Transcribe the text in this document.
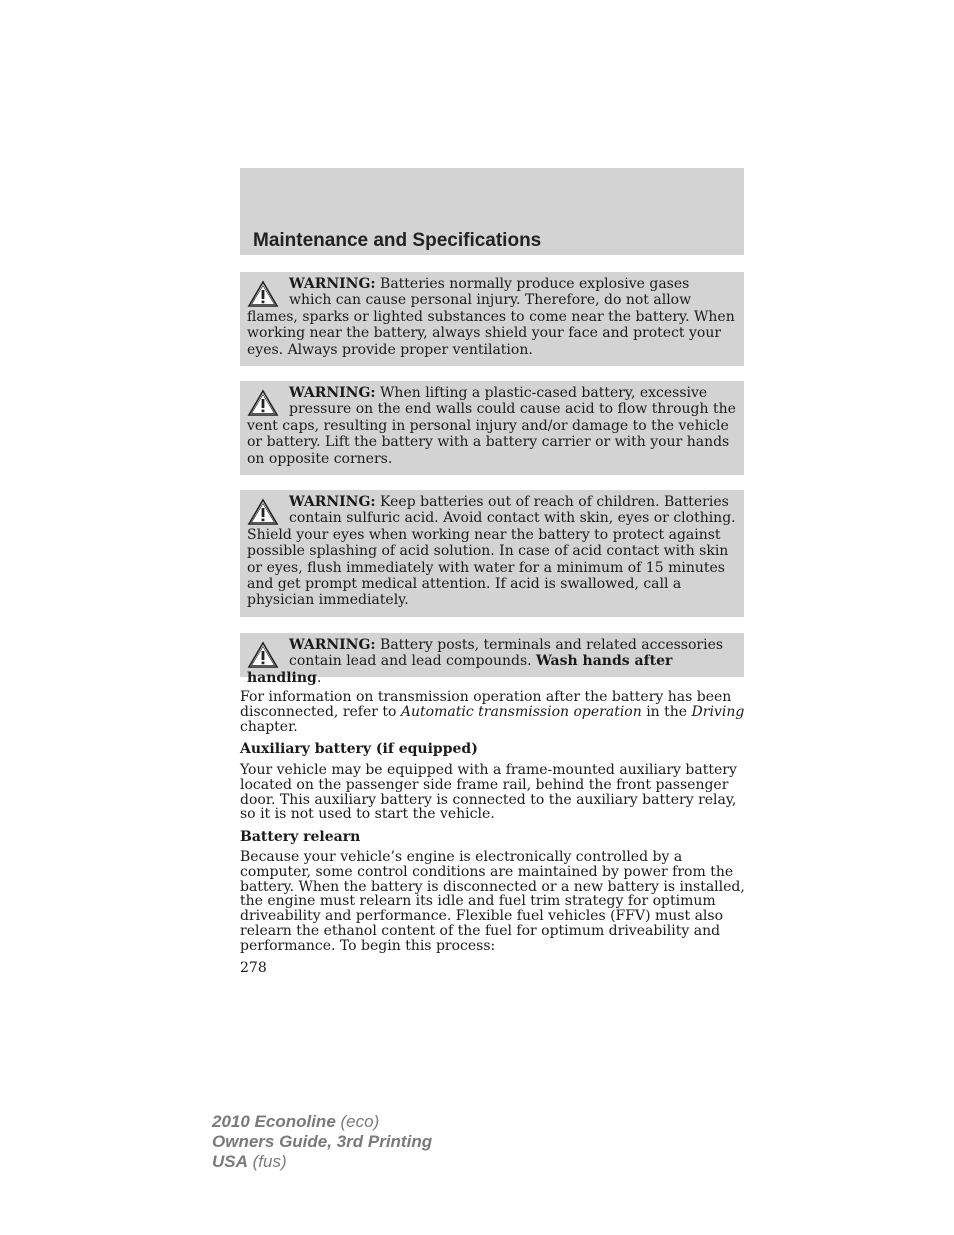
Maintenance and Specifications

WARNING: Batteries normally produce explosive gases which can cause personal injury. Therefore, do not allow flames, sparks or lighted substances to come near the battery. When working near the battery, always shield your face and protect your eyes. Always provide proper ventilation.

WARNING: When lifting a plastic-cased battery, excessive pressure on the end walls could cause acid to flow through the vent caps, resulting in personal injury and/or damage to the vehicle or battery. Lift the battery with a battery carrier or with your hands on opposite corners.

WARNING: Keep batteries out of reach of children. Batteries contain sulfuric acid. Avoid contact with skin, eyes or clothing. Shield your eyes when working near the battery to protect against possible splashing of acid solution. In case of acid contact with skin or eyes, flush immediately with water for a minimum of 15 minutes and get prompt medical attention. If acid is swallowed, call a physician immediately.

WARNING: Battery posts, terminals and related accessories contain lead and lead compounds. Wash hands after handling.

For information on transmission operation after the battery has been disconnected, refer to Automatic transmission operation in the Driving chapter.

Auxiliary battery (if equipped)

Your vehicle may be equipped with a frame-mounted auxiliary battery located on the passenger side frame rail, behind the front passenger door. This auxiliary battery is connected to the auxiliary battery relay, so it is not used to start the vehicle.

Battery relearn

Because your vehicle’s engine is electronically controlled by a computer, some control conditions are maintained by power from the battery. When the battery is disconnected or a new battery is installed, the engine must relearn its idle and fuel trim strategy for optimum driveability and performance. Flexible fuel vehicles (FFV) must also relearn the ethanol content of the fuel for optimum driveability and performance. To begin this process:

278

2010 Econoline (eco)
Owners Guide, 3rd Printing
USA (fus)
